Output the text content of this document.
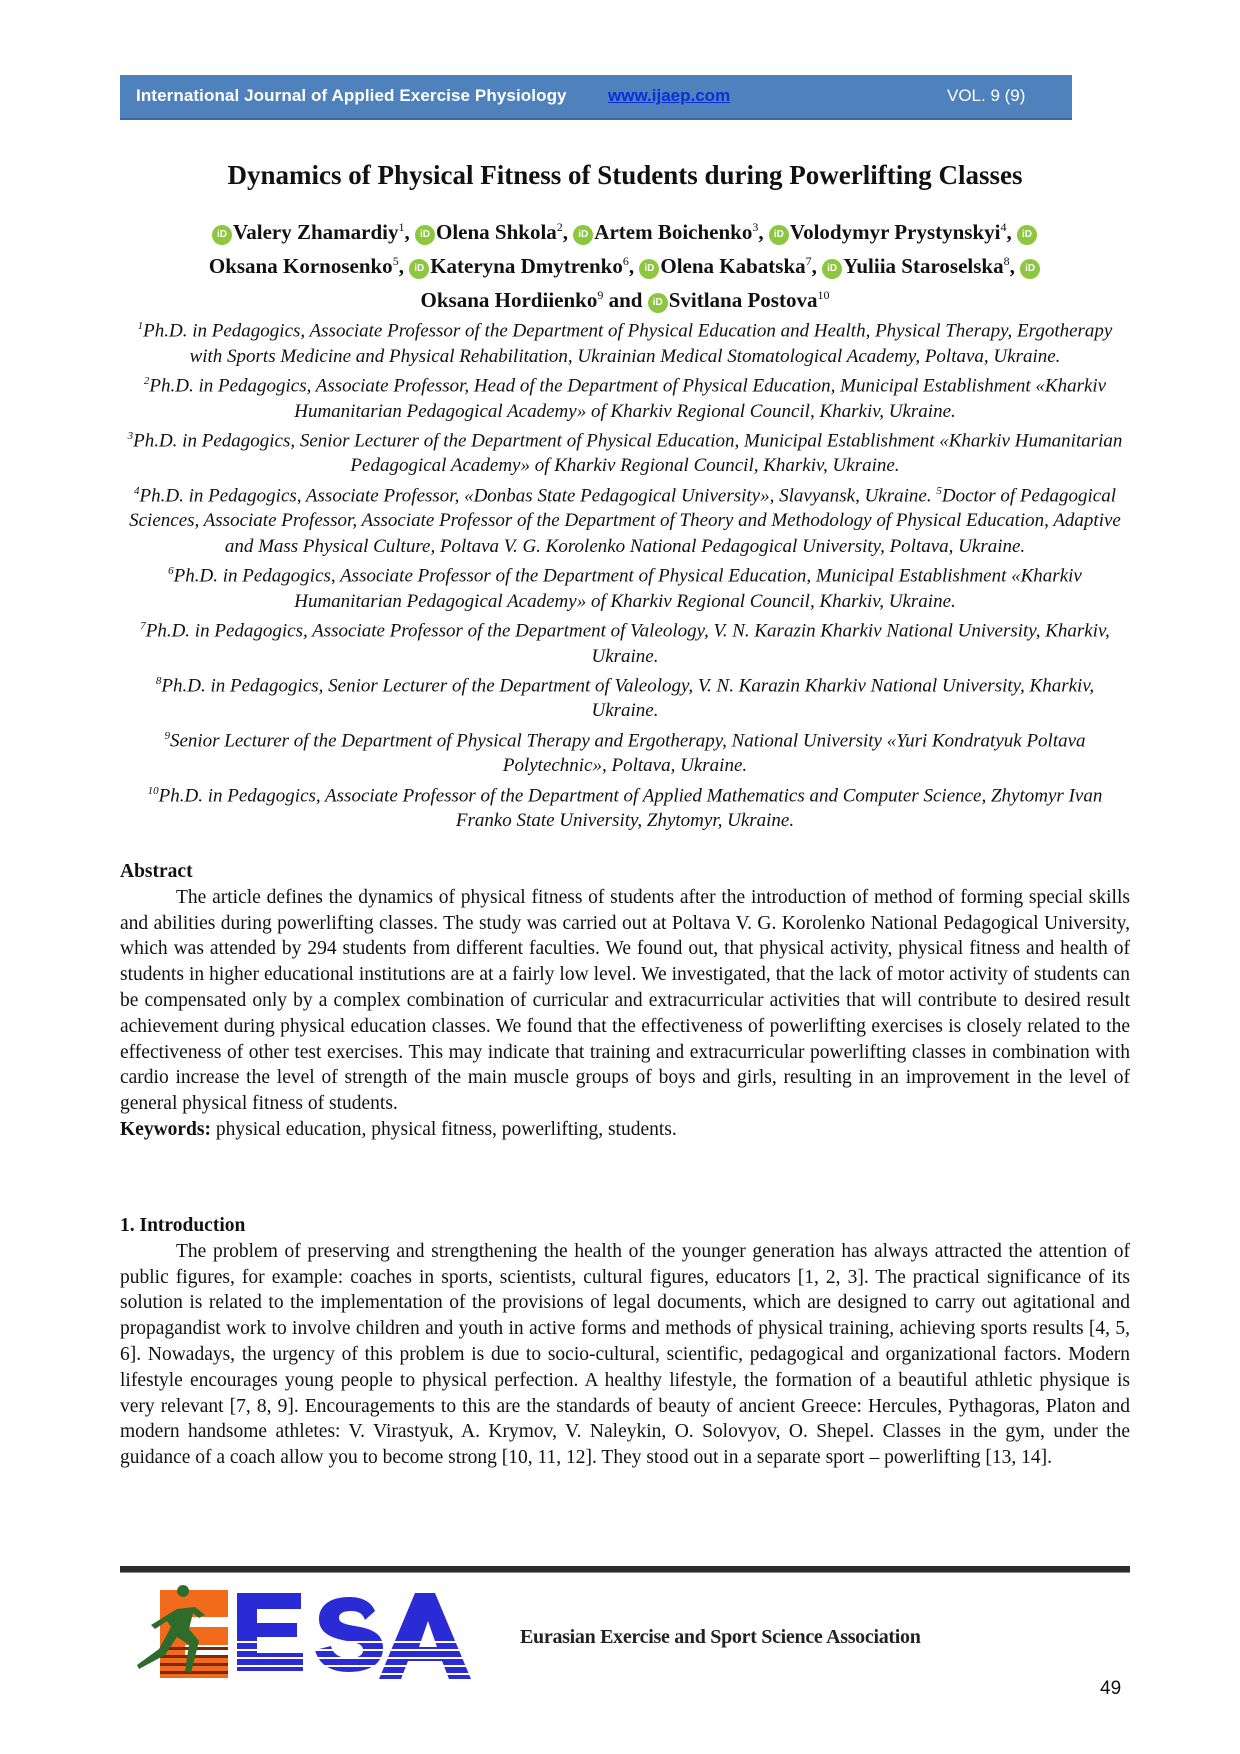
International Journal of Applied Exercise Physiology www.ijaep.com	VOL. 9 (9)
Dynamics of Physical Fitness of Students during Powerlifting Classes
iD Valery Zhamardiy$^1$, iD Olena Shkola$^2$, iD Artem Boichenko$^3$, iD Volodymyr Prystynskyi$^4$, iD
Oksana Kornosenko$^5$, iD Kateryna Dmytrenko$^6$, iD Olena Kabatska$^7$, iD Yuliia Staroselska$^8$, iD
Oksana Hordiienko$^9$ and iD Svitlana Postova$^{10}$

$^1$Ph.D. in Pedagogics, Associate Professor of the Department of Physical Education and Health, Physical Therapy, Ergotherapy with Sports Medicine and Physical Rehabilitation, Ukrainian Medical Stomatological Academy, Poltava, Ukraine.

$^2$Ph.D. in Pedagogics, Associate Professor, Head of the Department of Physical Education, Municipal Establishment «Kharkiv Humanitarian Pedagogical Academy» of Kharkiv Regional Council, Kharkiv, Ukraine.

$^3$Ph.D. in Pedagogics, Senior Lecturer of the Department of Physical Education, Municipal Establishment «Kharkiv Humanitarian Pedagogical Academy» of Kharkiv Regional Council, Kharkiv, Ukraine.

$^4$Ph.D. in Pedagogics, Associate Professor, «Donbas State Pedagogical University», Slavyansk, Ukraine. $^5$Doctor of Pedagogical Sciences, Associate Professor, Associate Professor of the Department of Theory and Methodology of Physical Education, Adaptive and Mass Physical Culture, Poltava V. G. Korolenko National Pedagogical University, Poltava, Ukraine.

$^6$Ph.D. in Pedagogics, Associate Professor of the Department of Physical Education, Municipal Establishment «Kharkiv Humanitarian Pedagogical Academy» of Kharkiv Regional Council, Kharkiv, Ukraine.

$^7$Ph.D. in Pedagogics, Associate Professor of the Department of Valeology, V. N. Karazin Kharkiv National University, Kharkiv, Ukraine.

$^8$Ph.D. in Pedagogics, Senior Lecturer of the Department of Valeology, V. N. Karazin Kharkiv National University, Kharkiv, Ukraine.

$^9$Senior Lecturer of the Department of Physical Therapy and Ergotherapy, National University «Yuri Kondratyuk Poltava Polytechnic», Poltava, Ukraine.

$^{10}$Ph.D. in Pedagogics, Associate Professor of the Department of Applied Mathematics and Computer Science, Zhytomyr Ivan Franko State University, Zhytomyr, Ukraine.

Abstract

The article defines the dynamics of physical fitness of students after the introduction of method of forming special skills and abilities during powerlifting classes. The study was carried out at Poltava V. G. Korolenko National Pedagogical University, which was attended by 294 students from different faculties. We found out, that physical activity, physical fitness and health of students in higher educational institutions are at a fairly low level. We investigated, that the lack of motor activity of students can be compensated only by a complex combination of curricular and extracurricular activities that will contribute to desired result achievement during physical education classes. We found that the effectiveness of powerlifting exercises is closely related to the effectiveness of other test exercises. This may indicate that training and extracurricular powerlifting classes in combination with cardio increase the level of strength of the main muscle groups of boys and girls, resulting in an improvement in the level of general physical fitness of students.

Keywords: physical education, physical fitness, powerlifting, students.

1. Introduction

The problem of preserving and strengthening the health of the younger generation has always attracted the attention of public figures, for example: coaches in sports, scientists, cultural figures, educators [1, 2, 3]. The practical significance of its solution is related to the implementation of the provisions of legal documents, which are designed to carry out agitational and propagandist work to involve children and youth in active forms and methods of physical training, achieving sports results [4, 5, 6]. Nowadays, the urgency of this problem is due to socio-cultural, scientific, pedagogical and organizational factors. Modern lifestyle encourages young people to physical perfection. A healthy lifestyle, the formation of a beautiful athletic physique is very relevant [7, 8, 9]. Encouragements to this are the standards of beauty of ancient Greece: Hercules, Pythagoras, Platon and modern handsome athletes: V. Virastyuk, A. Krymov, V. Naleykin, O. Solovyov, O. Shepel. Classes in the gym, under the guidance of a coach allow you to become strong [10, 11, 12]. They stood out in a separate sport – powerlifting [13, 14].

Eurasian Exercise and Sport Science Association
49
